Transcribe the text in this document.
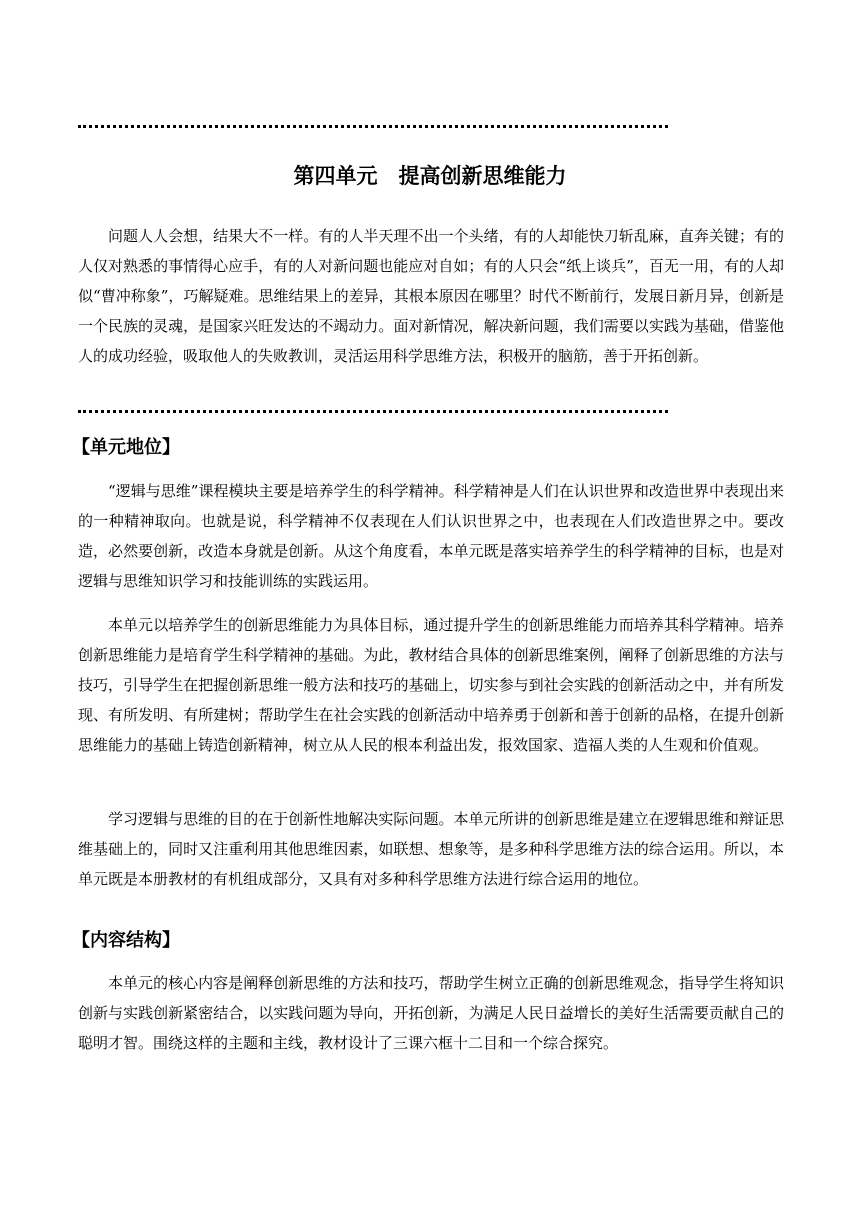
第四单元　提高创新思维能力

问题人人会想，结果大不一样。有的人半天理不出一个头绪，有的人却能快刀斩乱麻，直奔关键；有的人仅对熟悉的事情得心应手，有的人对新问题也能应对自如；有的人只会“纸上谈兵”，百无一用，有的人却似“曹冲称象”，巧解疑难。思维结果上的差异，其根本原因在哪里？时代不断前行，发展日新月异，创新是一个民族的灵魂，是国家兴旺发达的不竭动力。面对新情况，解决新问题，我们需要以实践为基础，借鉴他人的成功经验，吸取他人的失败教训，灵活运用科学思维方法，积极开的脑筋，善于开拓创新。

【单元地位】

“逻辑与思维”课程模块主要是培养学生的科学精神。科学精神是人们在认识世界和改造世界中表现出来的一种精神取向。也就是说，科学精神不仅表现在人们认识世界之中，也表现在人们改造世界之中。要改造，必然要创新，改造本身就是创新。从这个角度看，本单元既是落实培养学生的科学精神的目标，也是对逻辑与思维知识学习和技能训练的实践运用。

本单元以培养学生的创新思维能力为具体目标，通过提升学生的创新思维能力而培养其科学精神。培养创新思维能力是培育学生科学精神的基础。为此，教材结合具体的创新思维案例，阐释了创新思维的方法与技巧，引导学生在把握创新思维一般方法和技巧的基础上，切实参与到社会实践的创新活动之中，并有所发现、有所发明、有所建树；帮助学生在社会实践的创新活动中培养勇于创新和善于创新的品格，在提升创新思维能力的基础上铸造创新精神，树立从人民的根本利益出发，报效国家、造福人类的人生观和价值观。

学习逻辑与思维的目的在于创新性地解决实际问题。本单元所讲的创新思维是建立在逻辑思维和辩证思维基础上的，同时又注重利用其他思维因素，如联想、想象等，是多种科学思维方法的综合运用。所以，本单元既是本册教材的有机组成部分，又具有对多种科学思维方法进行综合运用的地位。

【内容结构】

本单元的核心内容是阐释创新思维的方法和技巧，帮助学生树立正确的创新思维观念，指导学生将知识创新与实践创新紧密结合，以实践问题为导向，开拓创新，为满足人民日益增长的美好生活需要贡献自己的聪明才智。围绕这样的主题和主线，教材设计了三课六框十二目和一个综合探究。
